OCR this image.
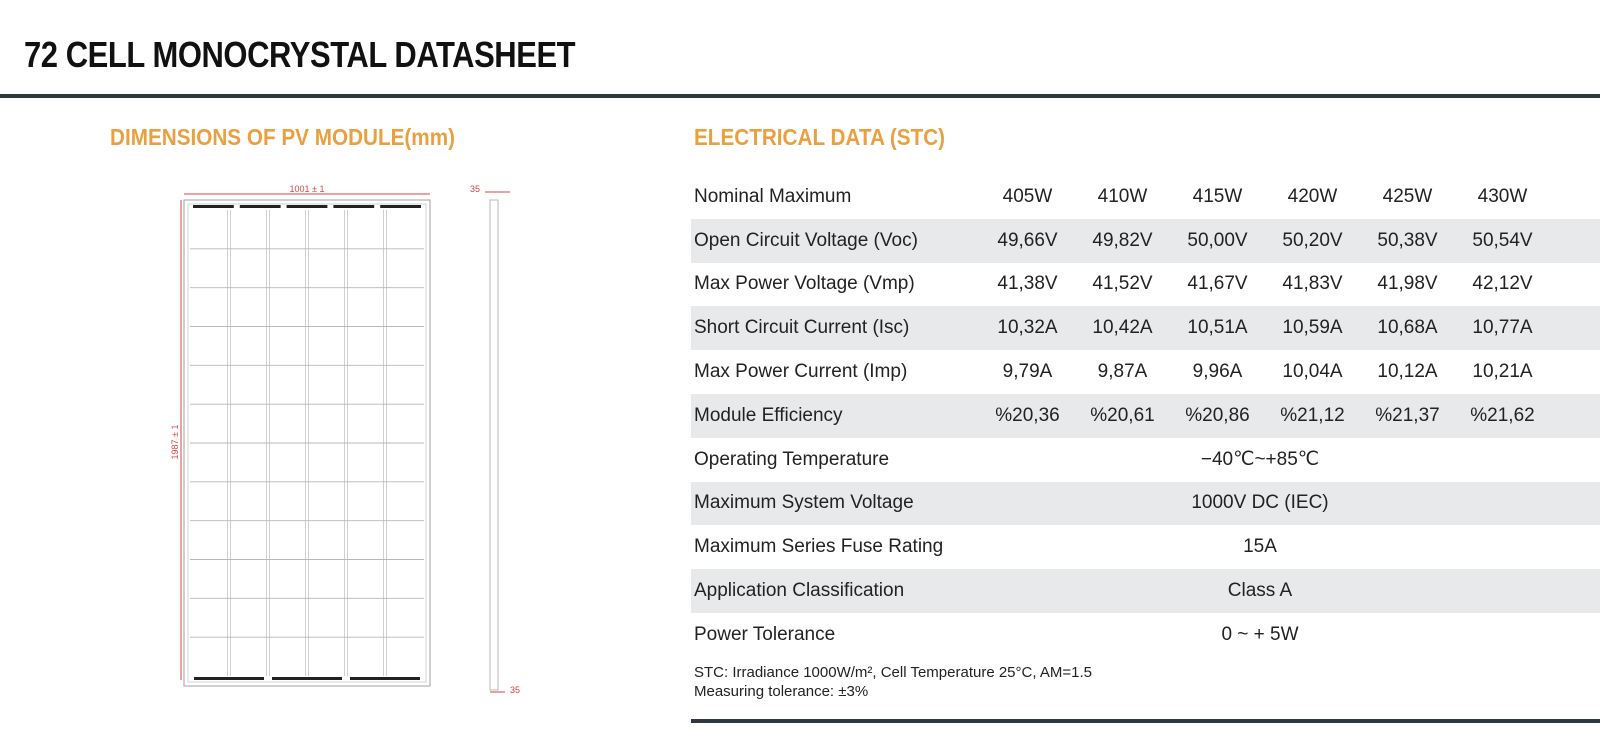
72 CELL MONOCRYSTAL DATASHEET
DIMENSIONS OF PV MODULE(mm)	ELECTRICAL DATA (STC)
1001 ± 1
1987 ± 1
35
35
Nominal Maximum	405W	410W	415W	420W	425W	430W	
Open Circuit Voltage (Voc)	49,66V	49,82V	50,00V	50,20V	50,38V	50,54V	
Max Power Voltage (Vmp)	41,38V	41,52V	41,67V	41,83V	41,98V	42,12V	
Short Circuit Current (Isc)	10,32A	10,42A	10,51A	10,59A	10,68A	10,77A	
Max Power Current (Imp)	9,79A	9,87A	9,96A	10,04A	10,12A	10,21A	
Module Efficiency	%20,36	%20,61	%20,86	%21,12	%21,37	%21,62	
Operating Temperature	−40℃~+85℃						
Maximum System Voltage	1000V DC (IEC)						
Maximum Series Fuse Rating	15A						
Application Classification	Class A						
Power Tolerance	0 ~ + 5W						
STC: Irradiance 1000W/m², Cell Temperature 25°C, AM=1.5
Measuring tolerance: ±3%
